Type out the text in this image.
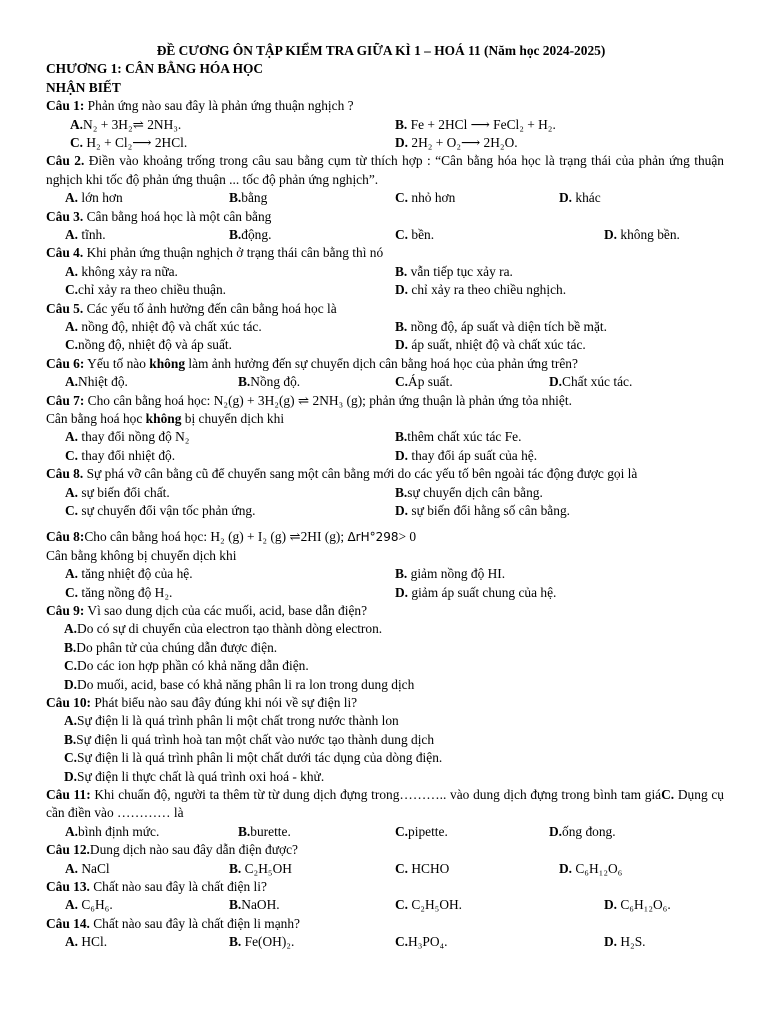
ĐỀ CƯƠNG ÔN TẬP KIỂM TRA GIỮA KÌ 1 – HOÁ 11 (Năm học 2024-2025)
CHƯƠNG 1: CÂN BẰNG HÓA HỌC
NHẬN BIẾT
Câu 1: Phản ứng nào sau đây là phản ứng thuận nghịch ?
A.N₂ + 3H₂⇌ 2NH₃.	B. Fe + 2HCl ⟶ FeCl₂ + H₂.
C. H₂ + Cl₂⟶ 2HCl.	D. 2H₂ + O₂⟶ 2H₂O.
Câu 2. Điền vào khoảng trống trong câu sau bằng cụm từ thích hợp : “Cân bằng hóa học là trạng thái của phản ứng thuận nghịch khi tốc độ phản ứng thuận ... tốc độ phản ứng nghịch”.
A. lớn hơn	B.bằng	C. nhỏ hơn	D. khác
Câu 3. Cân bằng hoá học là một cân bằng
A. tĩnh.	B.động.	C. bền.	D. không bền.
Câu 4. Khi phản ứng thuận nghịch ở trạng thái cân bằng thì nó
A. không xảy ra nữa.	B. vẫn tiếp tục xảy ra.
C.chỉ xảy ra theo chiều thuận.	D. chỉ xảy ra theo chiều nghịch.
Câu 5. Các yếu tố ảnh hưởng đến cân bằng hoá học là
A. nồng độ, nhiệt độ và chất xúc tác.	B. nồng độ, áp suất và diện tích bề mặt.
C.nồng độ, nhiệt độ và áp suất.	D. áp suất, nhiệt độ và chất xúc tác.
Câu 6: Yếu tố nào không làm ảnh hưởng đến sự chuyển dịch cân bằng hoá học của phản ứng trên?
A.Nhiệt độ.	B.Nồng độ.	C.Áp suất.	D.Chất xúc tác.
Câu 7: Cho cân bằng hoá học: N₂(g) + 3H₂(g) ⇌ 2NH₃ (g); phản ứng thuận là phản ứng tỏa nhiệt.
Cân bằng hoá học không bị chuyển dịch khi
A. thay đổi nồng độ N₂	B.thêm chất xúc tác Fe.
C. thay đổi nhiệt độ.	D. thay đổi áp suất của hệ.
Câu 8. Sự phá vỡ cân bằng cũ để chuyển sang một cân bằng mới do các yếu tố bên ngoài tác động được gọi là
A. sự biến đổi chất.	B.sự chuyển dịch cân bằng.
C. sự chuyển đổi vận tốc phản ứng.	D. sự biến đổi hằng số cân bằng.
Câu 8:Cho cân bằng hoá học: H₂ (g) + I₂ (g) ⇌2HI (g); ΔrH°298> 0
Cân bằng không bị chuyển dịch khi
A. tăng nhiệt độ của hệ.	B. giảm nồng độ HI.
C. tăng nồng độ H₂.	D. giảm áp suất chung của hệ.
Câu 9: Vì sao dung dịch của các muối, acid, base dẫn điện?
A.Do có sự di chuyển của electron tạo thành dòng electron.
B.Do phân tử của chúng dẫn được điện.
C.Do các ion hợp phần có khả năng dẫn điện.
D.Do muối, acid, base có khả năng phân li ra lon trong dung dịch
Câu 10: Phát biểu nào sau đây đúng khi nói về sự điện li?
A.Sự điện li là quá trình phân li một chất trong nước thành lon
B.Sự điện li quá trình hoà tan một chất vào nước tạo thành dung dịch
C.Sự điện li là quá trình phân li một chất dưới tác dụng của dòng điện.
D.Sự điện li thực chất là quá trình oxi hoá - khử.
Câu 11: Khi chuẩn độ, người ta thêm từ từ dung dịch đựng trong……….. vào dung dịch đựng trong bình tam giáC. Dụng cụ cần điền vào ………… là
A.bình định mức.	B.burette.	C.pipette.	D.ống đong.
Câu 12.Dung dịch nào sau đây dẫn điện được?
A. NaCl	B. C₂H₅OH	C. HCHO	D. C₆H₁₂O₆
Câu 13. Chất nào sau đây là chất điện li?
A. C₆H₆.	B.NaOH.	C. C₂H₅OH.	D. C₆H₁₂O₆.
Câu 14. Chất nào sau đây là chất điện li mạnh?
A. HCl.	B. Fe(OH)₂.	C.H₃PO₄.	D. H₂S.
